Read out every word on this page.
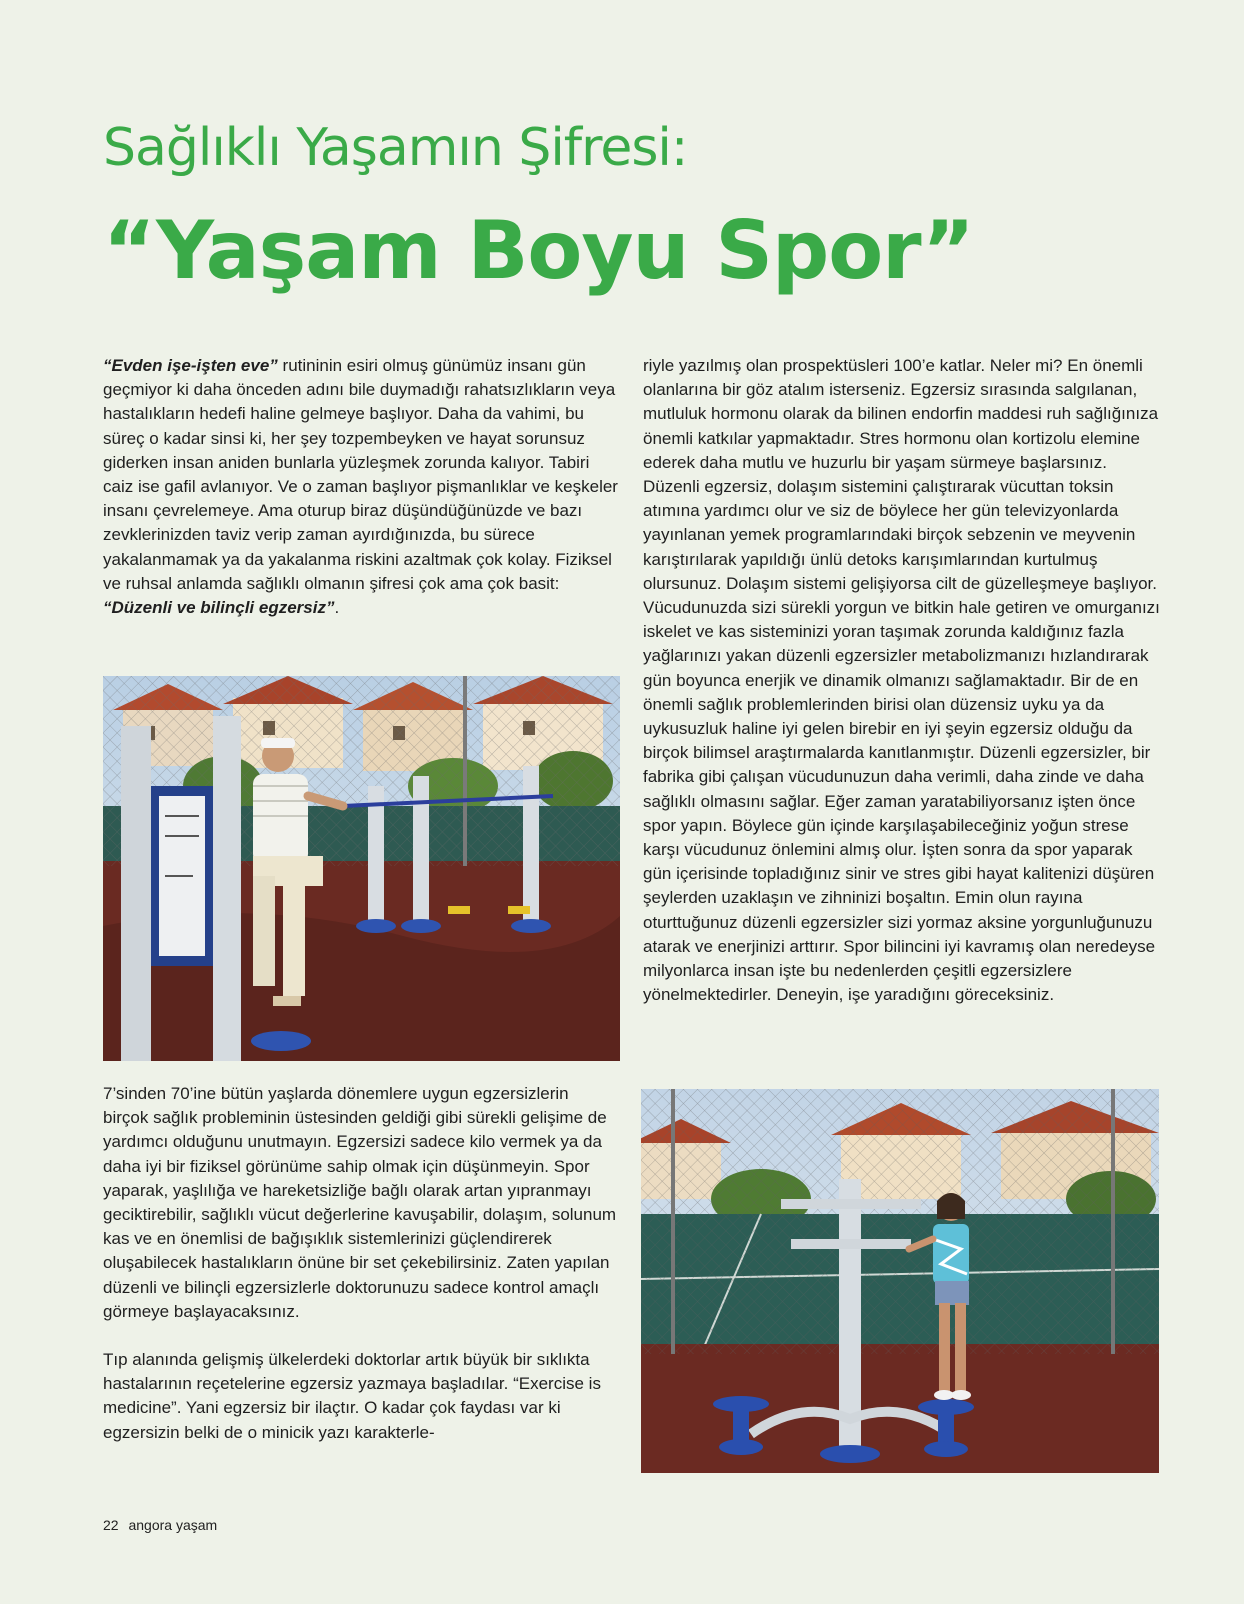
Sağlıklı Yaşamın Şifresi:
“Yaşam Boyu Spor”

“Evden işe-işten eve” rutininin esiri olmuş günümüz insanı gün geçmiyor ki daha önceden adını bile duymadığı rahatsızlıkların veya hastalıkların hedefi haline gelmeye başlıyor. Daha da vahimi, bu süreç o kadar sinsi ki, her şey tozpembeyken ve hayat sorunsuz giderken insan aniden bunlarla yüzleşmek zorunda kalıyor. Tabiri caiz ise gafil avlanıyor. Ve o zaman başlıyor pişmanlıklar ve keşkeler insanı çevrelemeye. Ama oturup biraz düşündüğünüzde ve bazı zevklerinizden taviz verip zaman ayırdığınızda, bu sürece yakalanmamak ya da yakalanma riskini azaltmak çok kolay. Fiziksel ve ruhsal anlamda sağlıklı olmanın şifresi çok ama çok basit: “Düzenli ve bilinçli egzersiz”.

7’sinden 70’ine bütün yaşlarda dönemlere uygun egzersizlerin birçok sağlık probleminin üstesinden geldiği gibi sürekli gelişime de yardımcı olduğunu unutmayın. Egzersizi sadece kilo vermek ya da daha iyi bir fiziksel görünüme sahip olmak için düşünmeyin. Spor yaparak, yaşlılığa ve hareketsizliğe bağlı olarak artan yıpranmayı geciktirebilir, sağlıklı vücut değerlerine kavuşabilir, dolaşım, solunum kas ve en önemlisi de bağışıklık sistemlerinizi güçlendirerek oluşabilecek hastalıkların önüne bir set çekebilirsiniz. Zaten yapılan düzenli ve bilinçli egzersizlerle doktorunuzu sadece kontrol amaçlı görmeye başlayacaksınız.

Tıp alanında gelişmiş ülkelerdeki doktorlar artık büyük bir sıklıkta hastalarının reçetelerine egzersiz yazmaya başladılar. “Exercise is medicine”. Yani egzersiz bir ilaçtır. O kadar çok faydası var ki egzersizin belki de o minicik yazı karakterle-

riyle yazılmış olan prospektüsleri 100’e katlar. Neler mi? En önemli olanlarına bir göz atalım isterseniz. Egzersiz sırasında salgılanan, mutluluk hormonu olarak da bilinen endorfin maddesi ruh sağlığınıza önemli katkılar yapmaktadır. Stres hormonu olan kortizolu elemine ederek daha mutlu ve huzurlu bir yaşam sürmeye başlarsınız. Düzenli egzersiz, dolaşım sistemini çalıştırarak vücuttan toksin atımına yardımcı olur ve siz de böylece her gün televizyonlarda yayınlanan yemek programlarındaki birçok sebzenin ve meyvenin karıştırılarak yapıldığı ünlü detoks karışımlarından kurtulmuş olursunuz. Dolaşım sistemi gelişiyorsa cilt de güzelleşmeye başlıyor. Vücudunuzda sizi sürekli yorgun ve bitkin hale getiren ve omurganızı iskelet ve kas sisteminizi yoran taşımak zorunda kaldığınız fazla yağlarınızı yakan düzenli egzersizler metabolizmanızı hızlandırarak gün boyunca enerjik ve dinamik olmanızı sağlamaktadır. Bir de en önemli sağlık problemlerinden birisi olan düzensiz uyku ya da uykusuzluk haline iyi gelen birebir en iyi şeyin egzersiz olduğu da birçok bilimsel araştırmalarda kanıtlanmıştır. Düzenli egzersizler, bir fabrika gibi çalışan vücudunuzun daha verimli, daha zinde ve daha sağlıklı olmasını sağlar. Eğer zaman yaratabiliyorsanız işten önce spor yapın. Böylece gün içinde karşılaşabileceğiniz yoğun strese karşı vücudunuz önlemini almış olur. İşten sonra da spor yaparak gün içerisinde topladığınız sinir ve stres gibi hayat kalitenizi düşüren şeylerden uzaklaşın ve zihninizi boşaltın. Emin olun rayına oturttuğunuz düzenli egzersizler sizi yormaz aksine yorgunluğunuzu atarak ve enerjinizi arttırır. Spor bilincini iyi kavramış olan neredeyse milyonlarca insan işte bu nedenlerden çeşitli egzersizlere yönelmektedirler. Deneyin, işe yaradığını göreceksiniz.

22 angora yaşam
